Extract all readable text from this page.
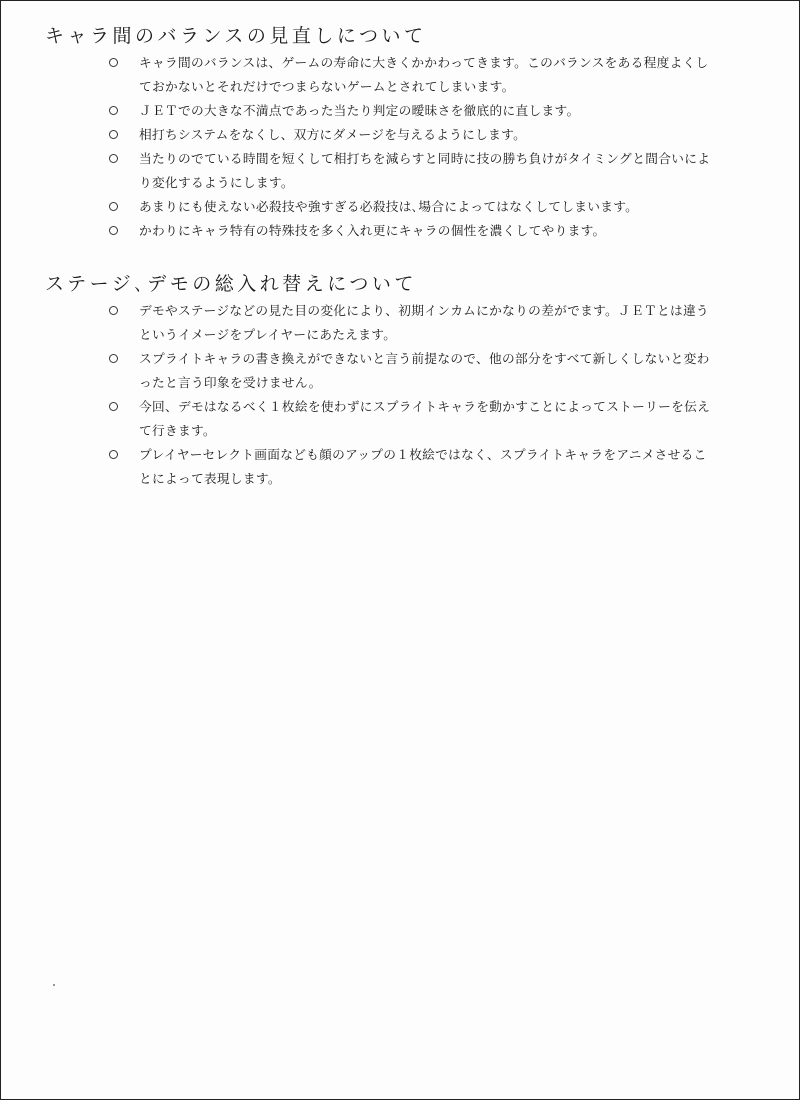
キャラ間のバランスの見直しについて
キャラ間のバランスは、ゲームの寿命に大きくかかわってきます。このバランスをある程度よくしておかないとそれだけでつまらないゲームとされてしまいます。
ＪＥＴでの大きな不満点であった当たり判定の曖昧さを徹底的に直します。
相打ちシステムをなくし、双方にダメージを与えるようにします。
当たりのでている時間を短くして相打ちを減らすと同時に技の勝ち負けがタイミングと間合いにより変化するようにします。
あまりにも使えない必殺技や強すぎる必殺技は､場合によってはなくしてしまいます。
かわりにキャラ特有の特殊技を多く入れ更にキャラの個性を濃くしてやります。
ステージ､デモの総入れ替えについて
デモやステージなどの見た目の変化により、初期インカムにかなりの差がでます。ＪＥＴとは違うというイメージをプレイヤーにあたえます。
スプライトキャラの書き換えができないと言う前提なので、他の部分をすべて新しくしないと変わったと言う印象を受けません。
今回、デモはなるべく１枚絵を使わずにスプライトキャラを動かすことによってストーリーを伝えて行きます。
プレイヤーセレクト画面なども顔のアップの１枚絵ではなく、スプライトキャラをアニメさせることによって表現します。
